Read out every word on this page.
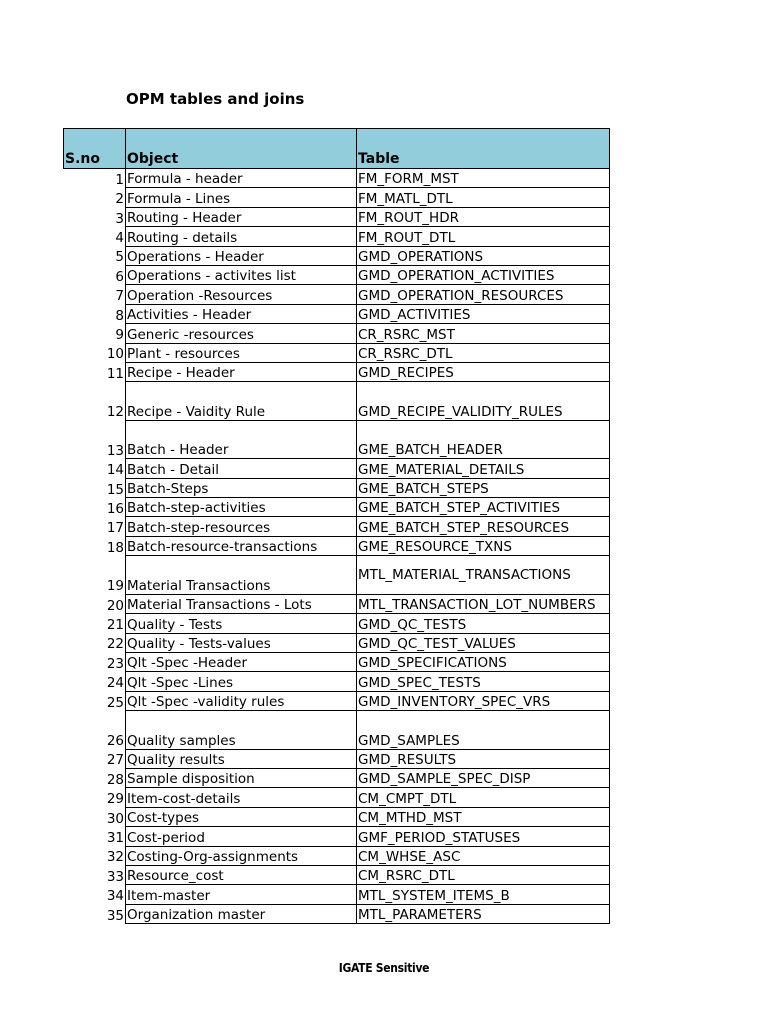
OPM tables and joins
S.no	Object	Table
1	Formula - header	FM_FORM_MST
2	Formula - Lines	FM_MATL_DTL
3	Routing - Header	FM_ROUT_HDR
4	Routing - details	FM_ROUT_DTL
5	Operations - Header	GMD_OPERATIONS
6	Operations - activites list	GMD_OPERATION_ACTIVITIES
7	Operation -Resources	GMD_OPERATION_RESOURCES
8	Activities - Header	GMD_ACTIVITIES
9	Generic -resources	CR_RSRC_MST
10	Plant - resources	CR_RSRC_DTL
11	Recipe - Header	GMD_RECIPES
12	Recipe - Vaidity Rule	GMD_RECIPE_VALIDITY_RULES
13	Batch - Header	GME_BATCH_HEADER
14	Batch - Detail	GME_MATERIAL_DETAILS
15	Batch-Steps	GME_BATCH_STEPS
16	Batch-step-activities	GME_BATCH_STEP_ACTIVITIES
17	Batch-step-resources	GME_BATCH_STEP_RESOURCES
18	Batch-resource-transactions	GME_RESOURCE_TXNS
19	Material Transactions	MTL_MATERIAL_TRANSACTIONS
20	Material Transactions - Lots	MTL_TRANSACTION_LOT_NUMBERS
21	Quality - Tests	GMD_QC_TESTS
22	Quality - Tests-values	GMD_QC_TEST_VALUES
23	Qlt -Spec -Header	GMD_SPECIFICATIONS
24	Qlt -Spec -Lines	GMD_SPEC_TESTS
25	Qlt -Spec -validity rules	GMD_INVENTORY_SPEC_VRS
26	Quality samples	GMD_SAMPLES
27	Quality results	GMD_RESULTS
28	Sample disposition	GMD_SAMPLE_SPEC_DISP
29	Item-cost-details	CM_CMPT_DTL
30	Cost-types	CM_MTHD_MST
31	Cost-period	GMF_PERIOD_STATUSES
32	Costing-Org-assignments	CM_WHSE_ASC
33	Resource_cost	CM_RSRC_DTL
34	Item-master	MTL_SYSTEM_ITEMS_B
35	Organization master	MTL_PARAMETERS
IGATE Sensitive
